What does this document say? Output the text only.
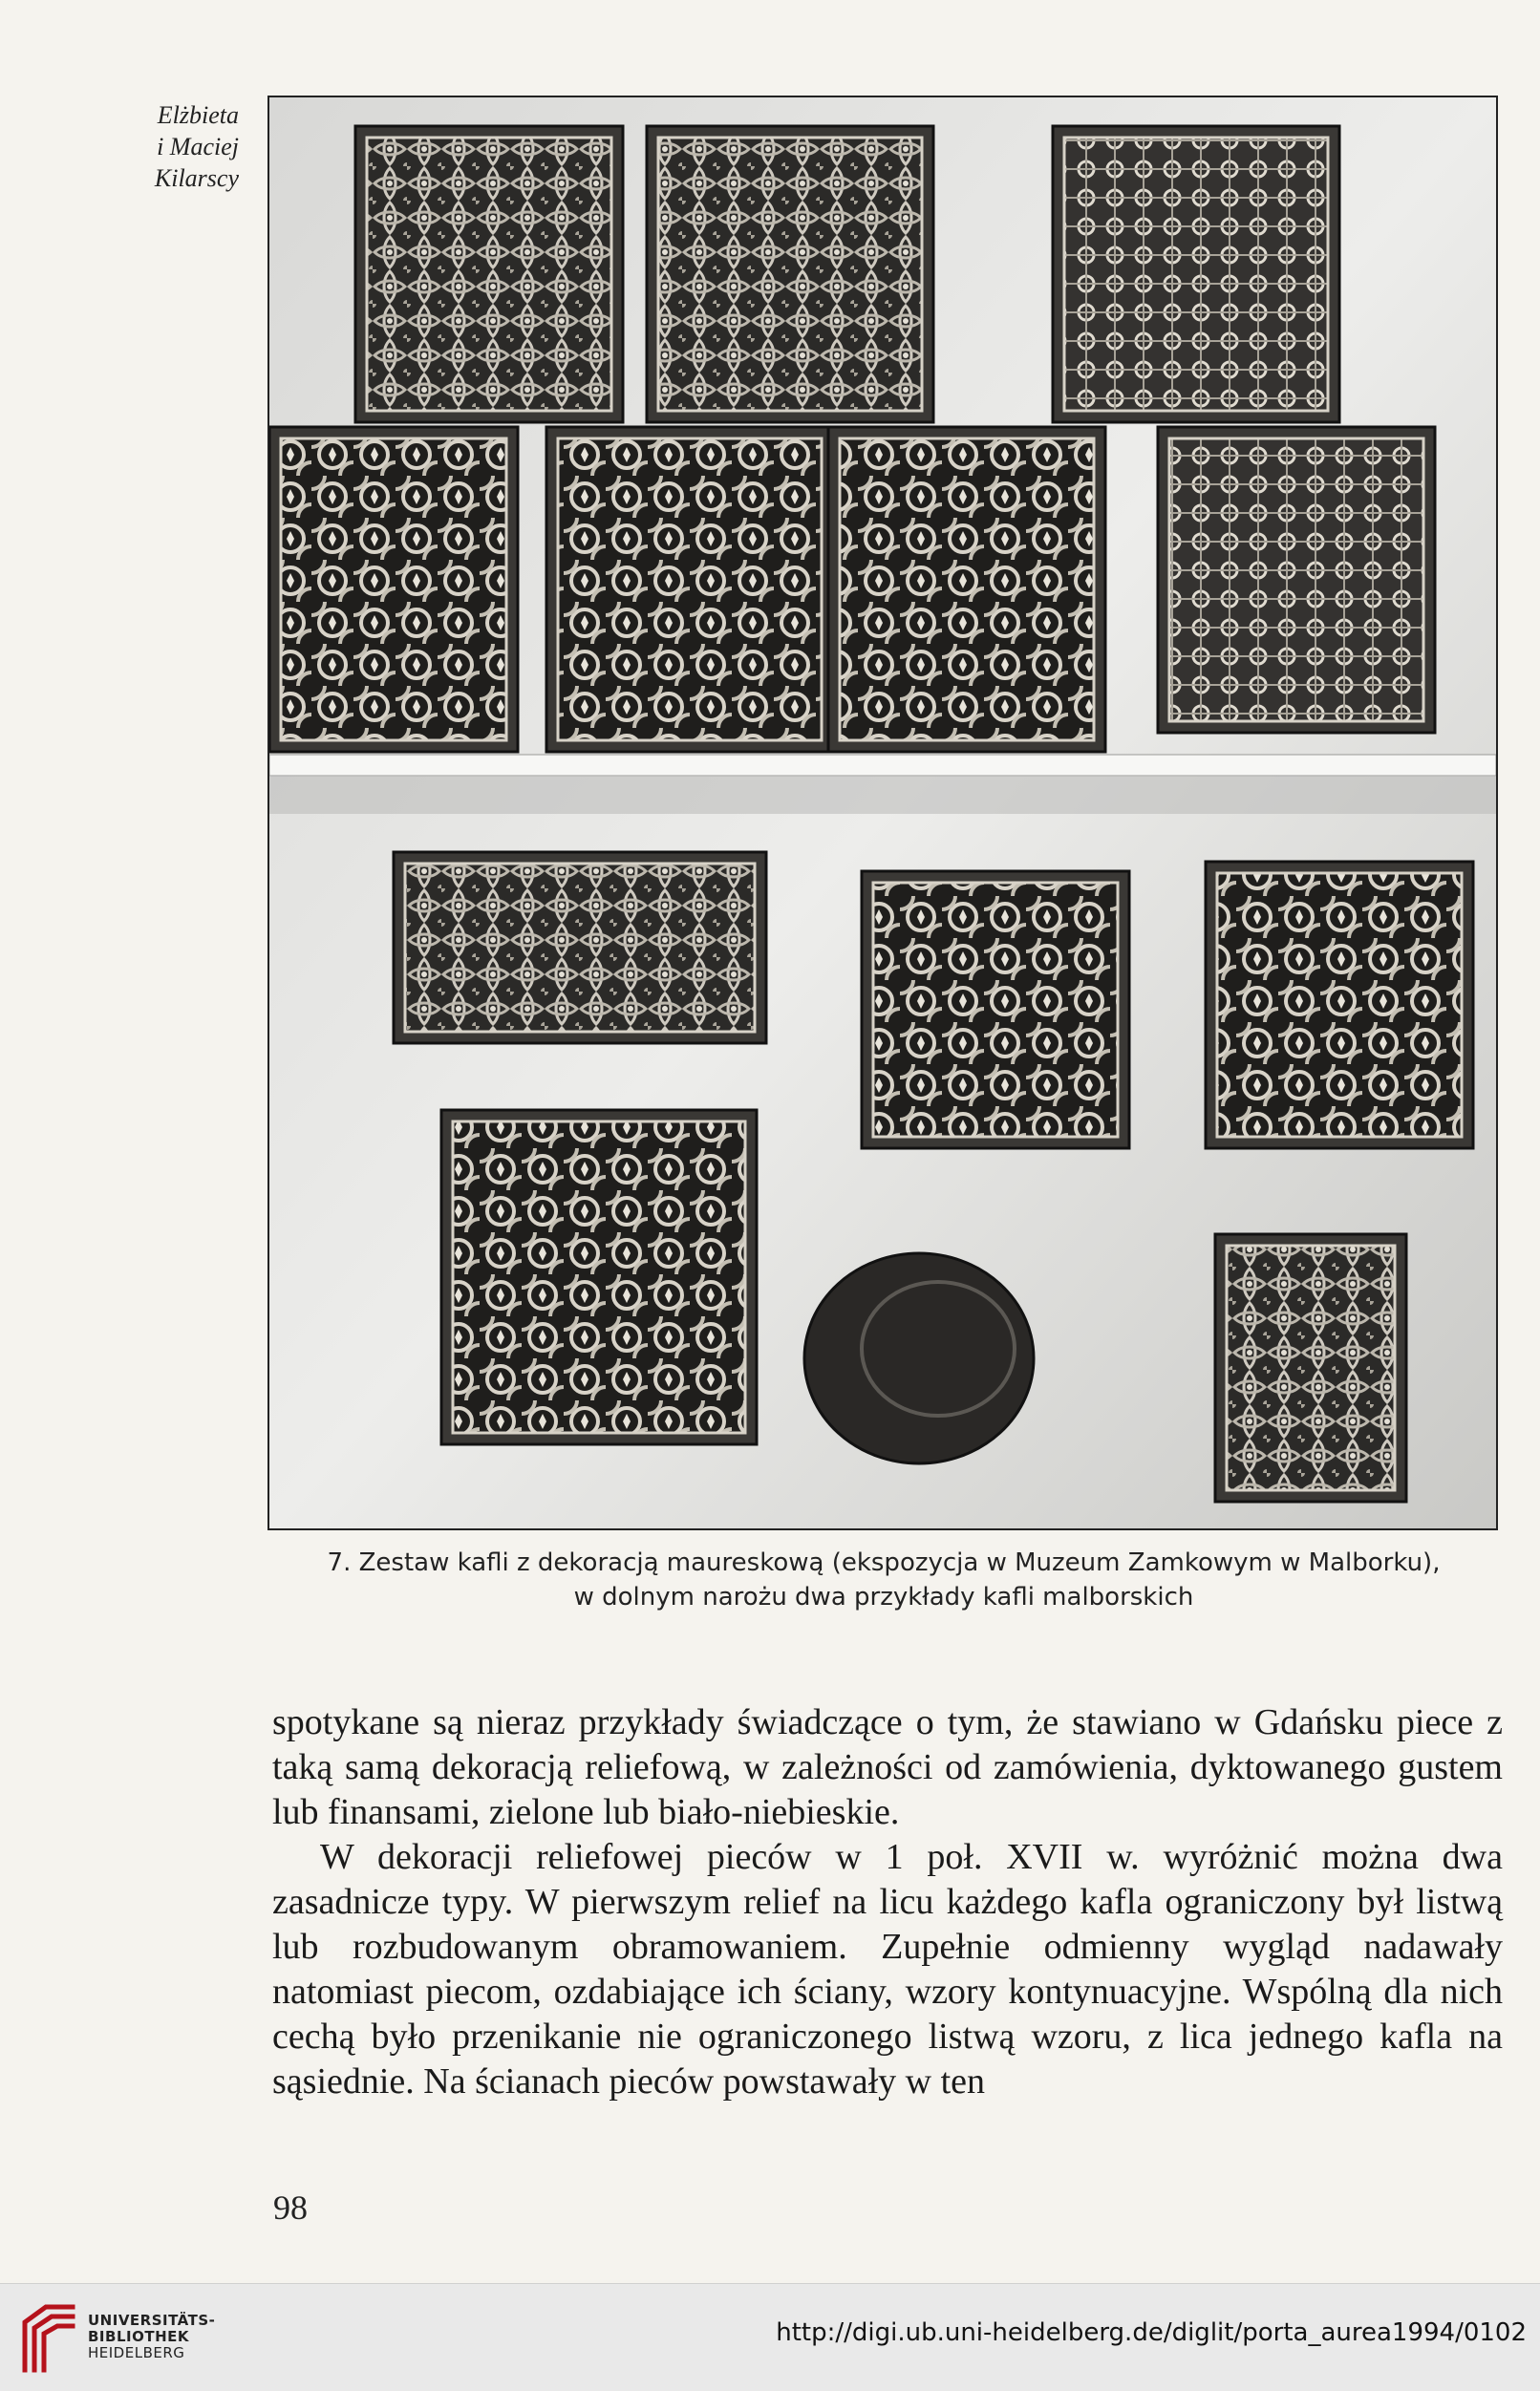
Elżbieta
i Maciej
Kilarscy
7. Zestaw kafli z dekoracją maureskową (ekspozycja w Muzeum Zamkowym w Malborku),
w dolnym narożu dwa przykłady kafli malborskich

spotykane są nieraz przykłady świadczące o tym, że stawiano w Gdańsku piece z taką samą dekoracją reliefową, w zależności od zamówienia, dyktowanego gustem lub finansami, zielone lub biało-niebieskie.

W dekoracji reliefowej pieców w 1 poł. XVII w. wyróżnić można dwa zasadnicze typy. W pierwszym relief na licu każdego kafla ograniczony był listwą lub rozbudowanym obramowaniem. Zupełnie odmienny wygląd nadawały natomiast piecom, ozdabiające ich ściany, wzory kontynuacyjne. Wspólną dla nich cechą było przenikanie nie ograniczonego listwą wzoru, z lica jednego kafla na sąsiednie. Na ścianach pieców powstawały w ten

98
UNIVERSITÄTS-
BIBLIOTHEK
HEIDELBERG
http://digi.ub.uni-heidelberg.de/diglit/porta_aurea1994/0102
